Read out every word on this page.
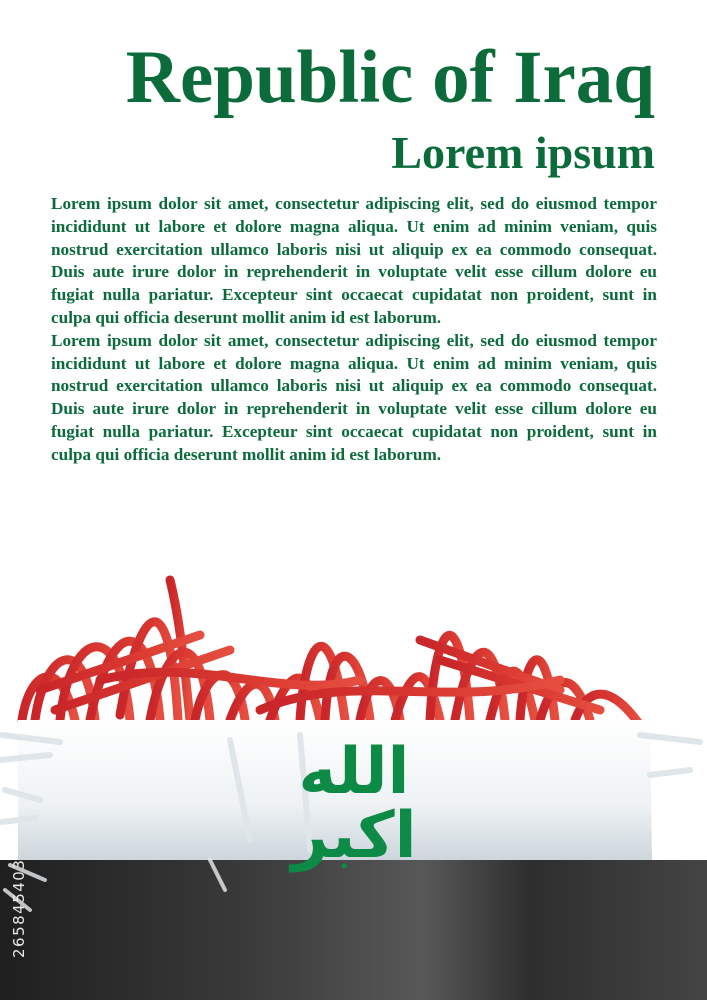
Republic of Iraq
Lorem ipsum

Lorem ipsum dolor sit amet, consectetur adipiscing elit, sed do eiusmod tempor incididunt ut labore et dolore magna aliqua. Ut enim ad minim veniam, quis nostrud exercitation ullamco laboris nisi ut aliquip ex ea commodo consequat. Duis aute irure dolor in reprehenderit in voluptate velit esse cillum dolore eu fugiat nulla pariatur. Excepteur sint occaecat cupidatat non proident, sunt in culpa qui officia deserunt mollit anim id est laborum.

Lorem ipsum dolor sit amet, consectetur adipiscing elit, sed do eiusmod tempor incididunt ut labore et dolore magna aliqua. Ut enim ad minim veniam, quis nostrud exercitation ullamco laboris nisi ut aliquip ex ea commodo consequat. Duis aute irure dolor in reprehenderit in voluptate velit esse cillum dolore eu fugiat nulla pariatur. Excepteur sint occaecat cupidatat non proident, sunt in culpa qui officia deserunt mollit anim id est laborum.

الله اكبر
265845403
